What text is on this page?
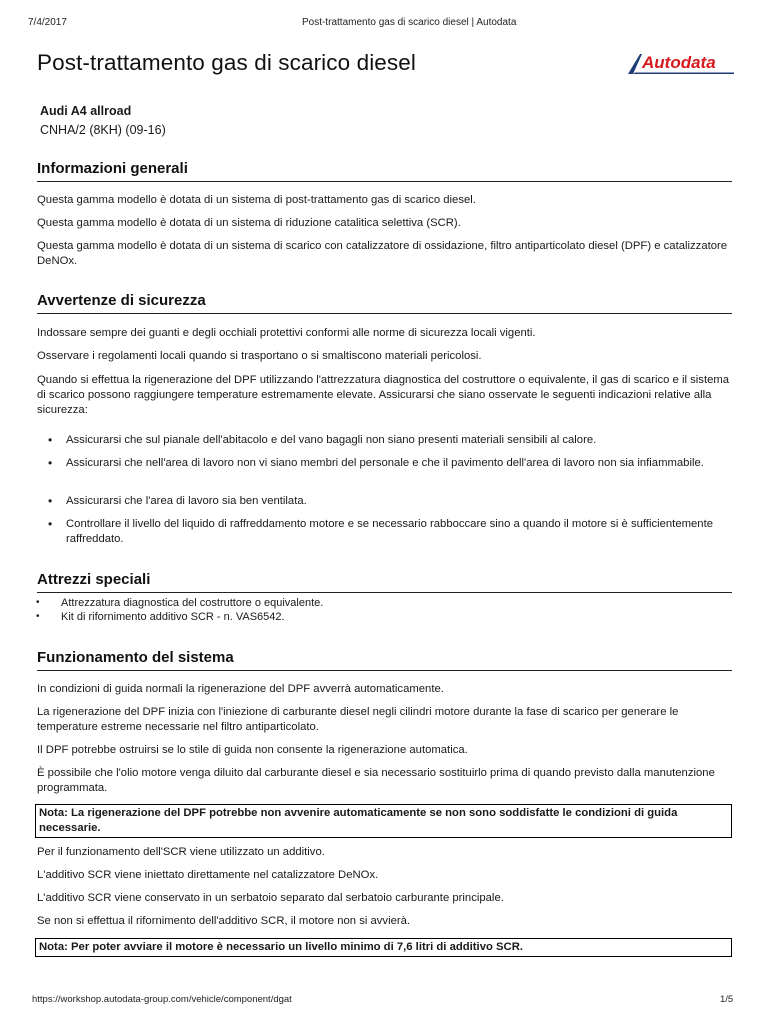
7/4/2017	Post-trattamento gas di scarico diesel | Autodata
Post-trattamento gas di scarico diesel	Autodata
Audi A4 allroad
CNHA/2 (8KH) (09-16)
Informazioni generali

Questa gamma modello è dotata di un sistema di post-trattamento gas di scarico diesel.

Questa gamma modello è dotata di un sistema di riduzione catalitica selettiva (SCR).

Questa gamma modello è dotata di un sistema di scarico con catalizzatore di ossidazione, filtro antiparticolato diesel (DPF) e catalizzatore DeNOx.

Avvertenze di sicurezza

Indossare sempre dei guanti e degli occhiali protettivi conformi alle norme di sicurezza locali vigenti.

Osservare i regolamenti locali quando si trasportano o si smaltiscono materiali pericolosi.

Quando si effettua la rigenerazione del DPF utilizzando l'attrezzatura diagnostica del costruttore o equivalente, il gas di scarico e il sistema di scarico possono raggiungere temperature estremamente elevate. Assicurarsi che siano osservate le seguenti indicazioni relative alla sicurezza:

• Assicurarsi che sul pianale dell'abitacolo e del vano bagagli non siano presenti materiali sensibili al calore.

• Assicurarsi che nell'area di lavoro non vi siano membri del personale e che il pavimento dell'area di lavoro non sia infiammabile.

• Assicurarsi che l'area di lavoro sia ben ventilata.

• Controllare il livello del liquido di raffreddamento motore e se necessario rabboccare sino a quando il motore si è sufficientemente raffreddato.

Attrezzi speciali
• Attrezzatura diagnostica del costruttore o equivalente.
• Kit di rifornimento additivo SCR - n. VAS6542.
Funzionamento del sistema

In condizioni di guida normali la rigenerazione del DPF avverrà automaticamente.

La rigenerazione del DPF inizia con l'iniezione di carburante diesel negli cilindri motore durante la fase di scarico per generare le temperature estreme necessarie nel filtro antiparticolato.

Il DPF potrebbe ostruirsi se lo stile di guida non consente la rigenerazione automatica.

È possibile che l'olio motore venga diluito dal carburante diesel e sia necessario sostituirlo prima di quando previsto dalla manutenzione programmata.

Nota: La rigenerazione del DPF potrebbe non avvenire automaticamente se non sono soddisfatte le condizioni di guida necessarie.

Per il funzionamento dell'SCR viene utilizzato un additivo.

L'additivo SCR viene iniettato direttamente nel catalizzatore DeNOx.

L'additivo SCR viene conservato in un serbatoio separato dal serbatoio carburante principale.

Se non si effettua il rifornimento dell'additivo SCR, il motore non si avvierà.

Nota: Per poter avviare il motore è necessario un livello minimo di 7,6 litri di additivo SCR.
https://workshop.autodata-group.com/vehicle/component/dgat	1/5
